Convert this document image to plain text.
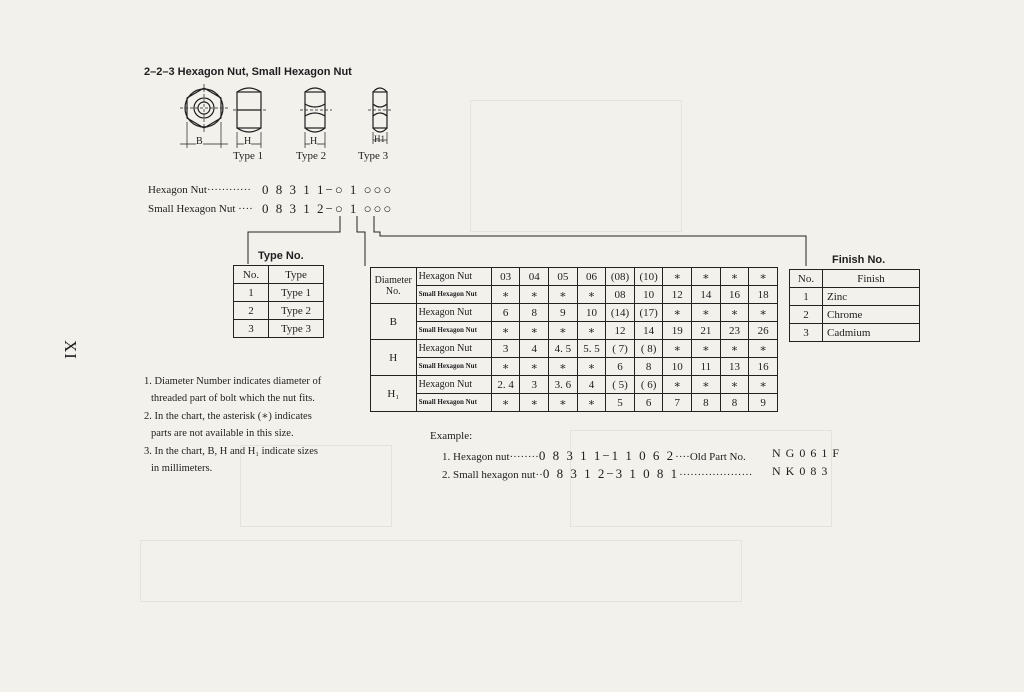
2–2–3 Hexagon Nut, Small Hexagon Nut
XI
B	H	H	H1
Type 1	Type 2	Type 3
Hexagon Nut············ 0 8 3 1 1−○ 1 ○○○
Small Hexagon Nut ···· 0 8 3 1 2−○ 1 ○○○
Type No.
No.	Type
1	Type 1
2	Type 2
3	Type 3
Finish No.
No.	Finish
1	Zinc
2	Chrome
3	Cadmium
Diameter
No.	Hexagon Nut	03	04	05	06	(08)	(10)	∗	∗	∗	∗
	Small Hexagon Nut	∗	∗	∗	∗	08	10	12	14	16	18
B	Hexagon Nut	6	8	9	10	(14)	(17)	∗	∗	∗	∗
	Small Hexagon Nut	∗	∗	∗	∗	12	14	19	21	23	26
H	Hexagon Nut	3	4	4. 5	5. 5	( 7)	( 8)	∗	∗	∗	∗
	Small Hexagon Nut	∗	∗	∗	∗	6	8	10	11	13	16
H₁	Hexagon Nut	2. 4	3	3. 6	4	( 5)	( 6)	∗	∗	∗	∗
	Small Hexagon Nut	∗	∗	∗	∗	5	6	7	8	8	9
1. Diameter Number indicates diameter of
threaded part of bolt which the nut fits.
2. In the chart, the asterisk (∗) indicates
parts are not available in this size.
3. In the chart, B, H and H₁ indicate sizes
in millimeters.
Example:
1. Hexagon nut········0 8 3 1 1−1 1 0 6 2····Old Part No. N G 0 6 1 F
2. Small hexagon nut··0 8 3 1 2−3 1 0 8 1···················· N K 0 8 3
